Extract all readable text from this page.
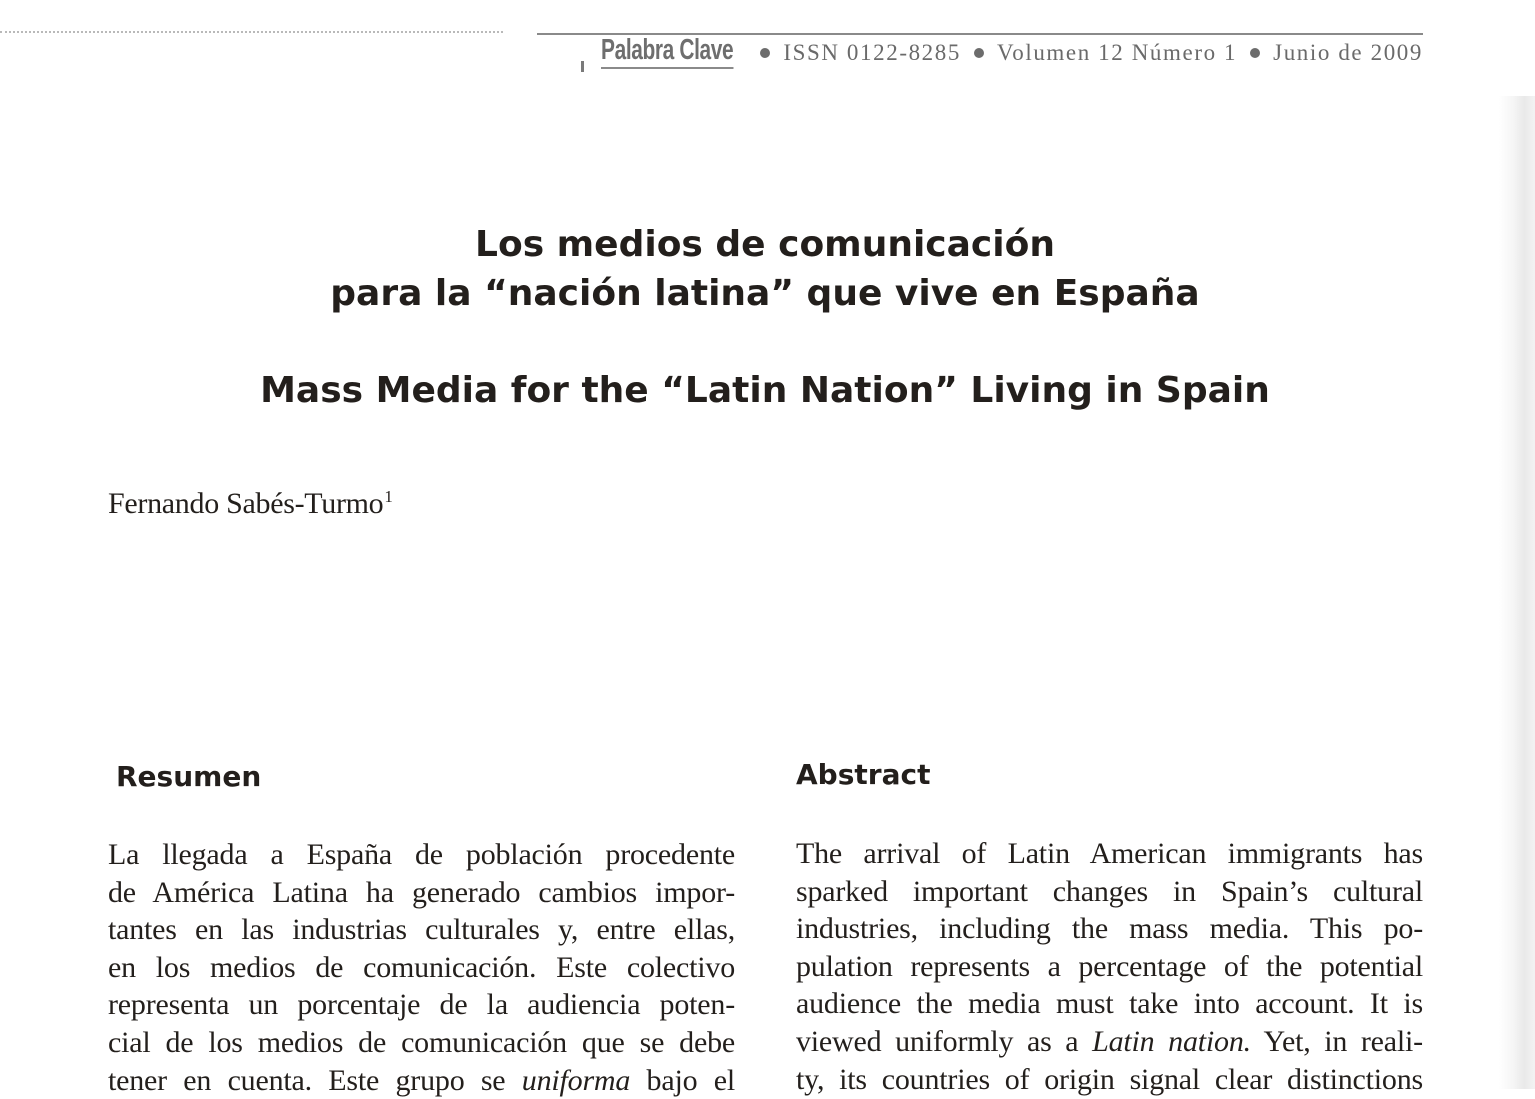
Palabra Clave ISSN 0122-8285 Volumen 12 Número 1 Junio de 2009
Los medios de comunicación
para la “nación latina” que vive en España
Mass Media for the “Latin Nation” Living in Spain
Fernando Sabés-Turmo$^1$
Resumen
La llegada a España de población procedente
de América Latina ha generado cambios impor-
tantes en las industrias culturales y, entre ellas,
en los medios de comunicación. Este colectivo
representa un porcentaje de la audiencia poten-
cial de los medios de comunicación que se debe
tener en cuenta. Este grupo se uniforma bajo el
Abstract
The arrival of Latin American immigrants has
sparked important changes in Spain’s cultural
industries, including the mass media. This po-
pulation represents a percentage of the potential
audience the media must take into account. It is
viewed uniformly as a Latin nation. Yet, in reali-
ty, its countries of origin signal clear distinctions
